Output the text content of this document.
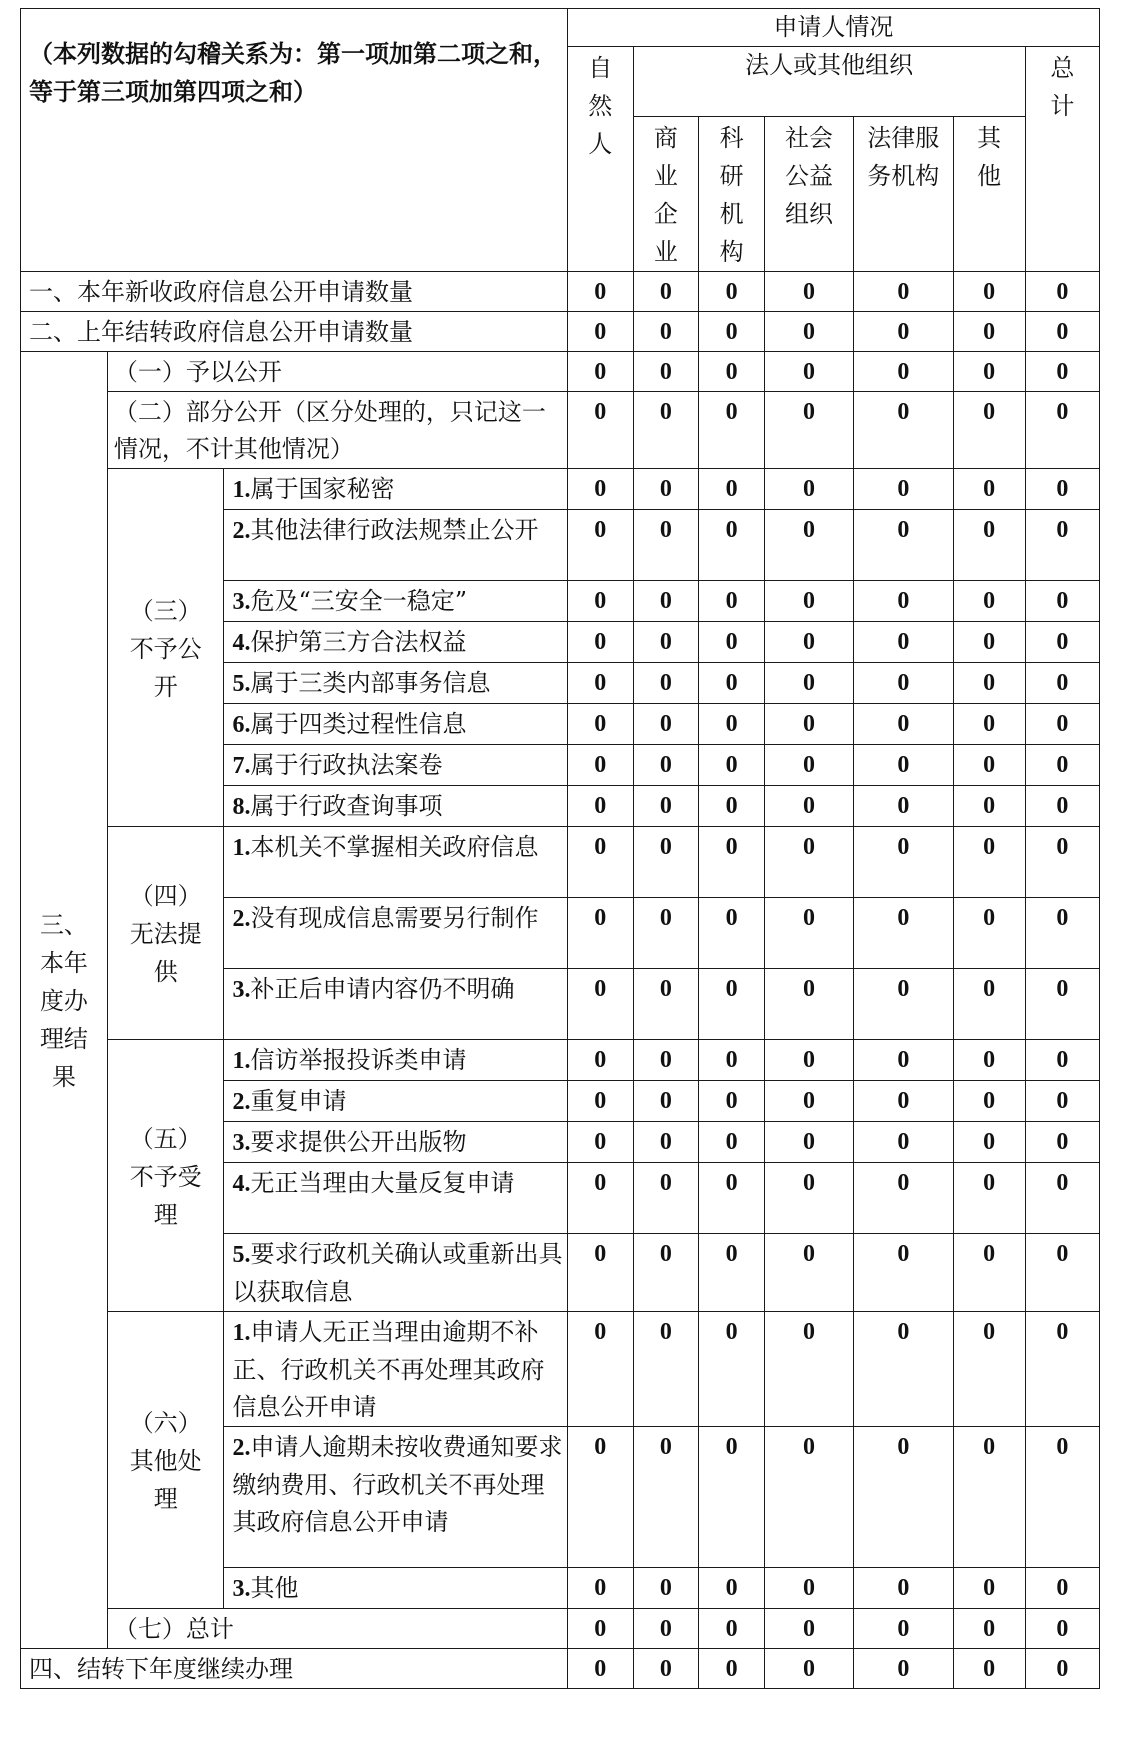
（本列数据的勾稽关系为：第一项加第二项之和，等于第三项加第四项之和）			申请人情况						

			自然人	法人或其他组织					总计

				商业企业	科研机构	社会公益组织	法律服务机构	其他	

一、本年新收政府信息公开申请数量			0	0	0	0	0	0	0
二、上年结转政府信息公开申请数量			0	0	0	0	0	0	0

三、本年度办理结果	（一）予以公开		0	0	0	0	0	0	0
	（二）部分公开（区分处理的，只记这一情况，不计其他情况）		0	0	0	0	0	0	0

	（三）不予公开	1.属于国家秘密	0	0	0	0	0	0	0
		2.其他法律行政法规禁止公开	0	0	0	0	0	0	0
		3.危及“三安全一稳定”	0	0	0	0	0	0	0
		4.保护第三方合法权益	0	0	0	0	0	0	0
		5.属于三类内部事务信息	0	0	0	0	0	0	0
		6.属于四类过程性信息	0	0	0	0	0	0	0
		7.属于行政执法案卷	0	0	0	0	0	0	0
		8.属于行政查询事项	0	0	0	0	0	0	0

	（四）无法提供	1.本机关不掌握相关政府信息	0	0	0	0	0	0	0
		2.没有现成信息需要另行制作	0	0	0	0	0	0	0
		3.补正后申请内容仍不明确	0	0	0	0	0	0	0

	（五）不予受理	1.信访举报投诉类申请	0	0	0	0	0	0	0
		2.重复申请	0	0	0	0	0	0	0
		3.要求提供公开出版物	0	0	0	0	0	0	0
		4.无正当理由大量反复申请	0	0	0	0	0	0	0
		5.要求行政机关确认或重新出具以获取信息	0	0	0	0	0	0	0

	（六）其他处理	1.申请人无正当理由逾期不补正、行政机关不再处理其政府信息公开申请	0	0	0	0	0	0	0
		2.申请人逾期未按收费通知要求缴纳费用、行政机关不再处理其政府信息公开申请	0	0	0	0	0	0	0
		3.其他	0	0	0	0	0	0	0
	（七）总计		0	0	0	0	0	0	0
四、结转下年度继续办理			0	0	0	0	0	0	0
